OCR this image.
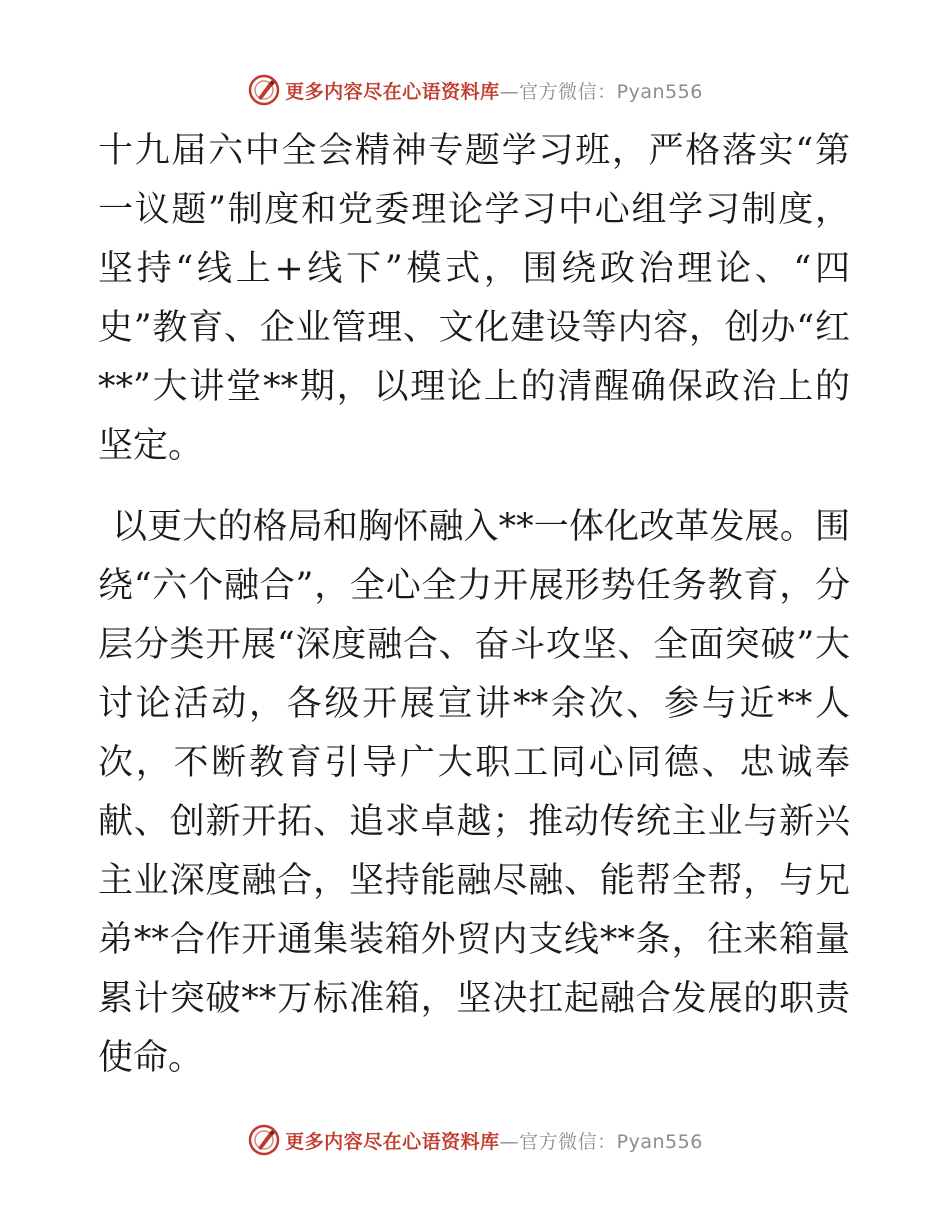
更多内容尽在心语资料库—官方微信：Pyan556

十九届六中全会精神专题学习班，严格落实“第一议题”制度和党委理论学习中心组学习制度，坚持“线上+线下”模式，围绕政治理论、“四史”教育、企业管理、文化建设等内容，创办“红**”大讲堂**期，以理论上的清醒确保政治上的坚定。

以更大的格局和胸怀融入**一体化改革发展。围绕“六个融合”，全心全力开展形势任务教育，分层分类开展“深度融合、奋斗攻坚、全面突破”大讨论活动，各级开展宣讲**余次、参与近**人次，不断教育引导广大职工同心同德、忠诚奉献、创新开拓、追求卓越；推动传统主业与新兴主业深度融合，坚持能融尽融、能帮全帮，与兄弟**合作开通集装箱外贸内支线**条，往来箱量累计突破**万标准箱，坚决扛起融合发展的职责使命。

更多内容尽在心语资料库—官方微信：Pyan556
